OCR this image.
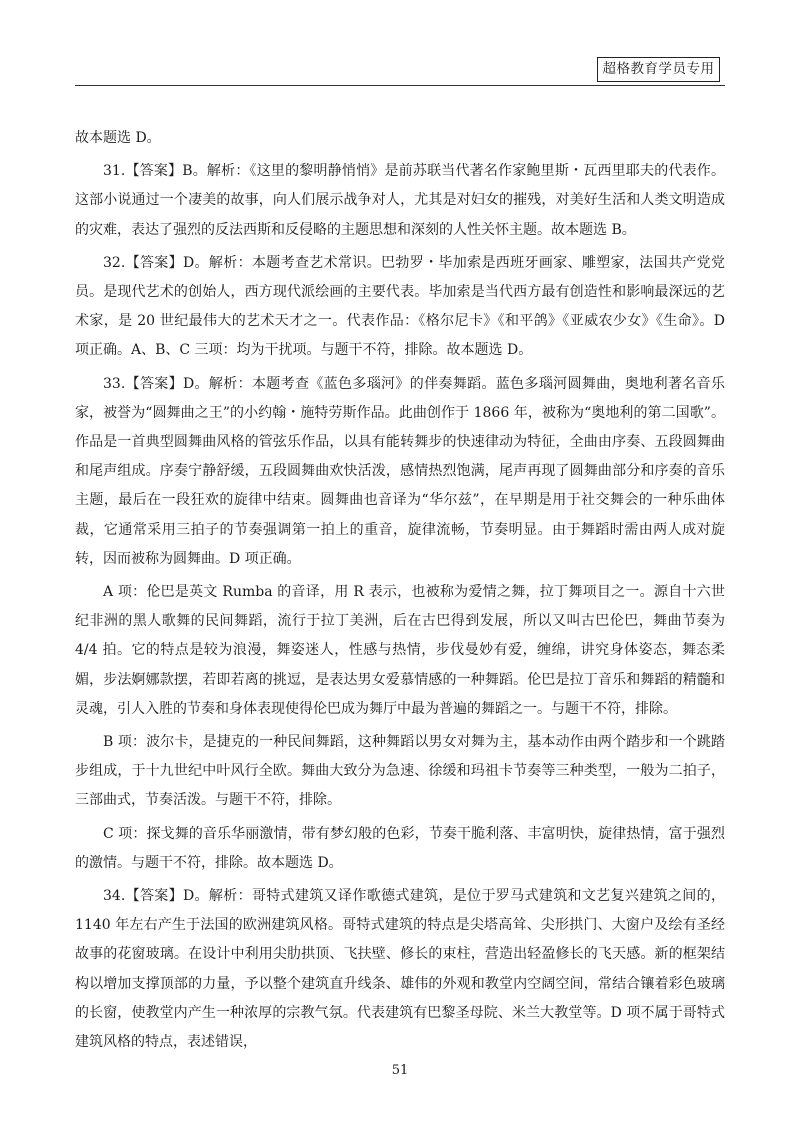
超格教育学员专用

故本题选 D。

31.【答案】B。解析：《这里的黎明静悄悄》是前苏联当代著名作家鲍里斯・瓦西里耶夫的代表作。这部小说通过一个凄美的故事，向人们展示战争对人，尤其是对妇女的摧残，对美好生活和人类文明造成的灾难，表达了强烈的反法西斯和反侵略的主题思想和深刻的人性关怀主题。故本题选 B。

32.【答案】D。解析：本题考查艺术常识。巴勃罗・毕加索是西班牙画家、雕塑家，法国共产党党员。是现代艺术的创始人，西方现代派绘画的主要代表。毕加索是当代西方最有创造性和影响最深远的艺术家，是 20 世纪最伟大的艺术天才之一。代表作品：《格尔尼卡》《和平鸽》《亚威农少女》《生命》。D 项正确。A、B、C 三项：均为干扰项。与题干不符，排除。故本题选 D。

33.【答案】D。解析：本题考查《蓝色多瑙河》的伴奏舞蹈。蓝色多瑙河圆舞曲，奥地利著名音乐家，被誉为“圆舞曲之王”的小约翰・施特劳斯作品。此曲创作于 1866 年，被称为“奥地利的第二国歌”。作品是一首典型圆舞曲风格的管弦乐作品，以具有能转舞步的快速律动为特征，全曲由序奏、五段圆舞曲和尾声组成。序奏宁静舒缓，五段圆舞曲欢快活泼，感情热烈饱满，尾声再现了圆舞曲部分和序奏的音乐主题，最后在一段狂欢的旋律中结束。圆舞曲也音译为“华尔兹”，在早期是用于社交舞会的一种乐曲体裁，它通常采用三拍子的节奏强调第一拍上的重音，旋律流畅，节奏明显。由于舞蹈时需由两人成对旋转，因而被称为圆舞曲。D 项正确。

A 项：伦巴是英文 Rumba 的音译，用 R 表示，也被称为爱情之舞，拉丁舞项目之一。源自十六世纪非洲的黑人歌舞的民间舞蹈，流行于拉丁美洲，后在古巴得到发展，所以又叫古巴伦巴，舞曲节奏为 4/4 拍。它的特点是较为浪漫，舞姿迷人，性感与热情，步伐曼妙有爱，缠绵，讲究身体姿态，舞态柔媚，步法婀娜款摆，若即若离的挑逗，是表达男女爱慕情感的一种舞蹈。伦巴是拉丁音乐和舞蹈的精髓和灵魂，引人入胜的节奏和身体表现使得伦巴成为舞厅中最为普遍的舞蹈之一。与题干不符，排除。

B 项：波尔卡，是捷克的一种民间舞蹈，这种舞蹈以男女对舞为主，基本动作由两个踏步和一个跳踏步组成，于十九世纪中叶风行全欧。舞曲大致分为急速、徐缓和玛祖卡节奏等三种类型，一般为二拍子，三部曲式，节奏活泼。与题干不符，排除。

C 项：探戈舞的音乐华丽激情，带有梦幻般的色彩，节奏干脆利落、丰富明快，旋律热情，富于强烈的激情。与题干不符，排除。故本题选 D。

34.【答案】D。解析：哥特式建筑又译作歌德式建筑，是位于罗马式建筑和文艺复兴建筑之间的，1140 年左右产生于法国的欧洲建筑风格。哥特式建筑的特点是尖塔高耸、尖形拱门、大窗户及绘有圣经故事的花窗玻璃。在设计中利用尖肋拱顶、飞扶壁、修长的束柱，营造出轻盈修长的飞天感。新的框架结构以增加支撑顶部的力量，予以整个建筑直升线条、雄伟的外观和教堂内空阔空间，常结合镶着彩色玻璃的长窗，使教堂内产生一种浓厚的宗教气氛。代表建筑有巴黎圣母院、米兰大教堂等。D 项不属于哥特式建筑风格的特点，表述错误，

51
